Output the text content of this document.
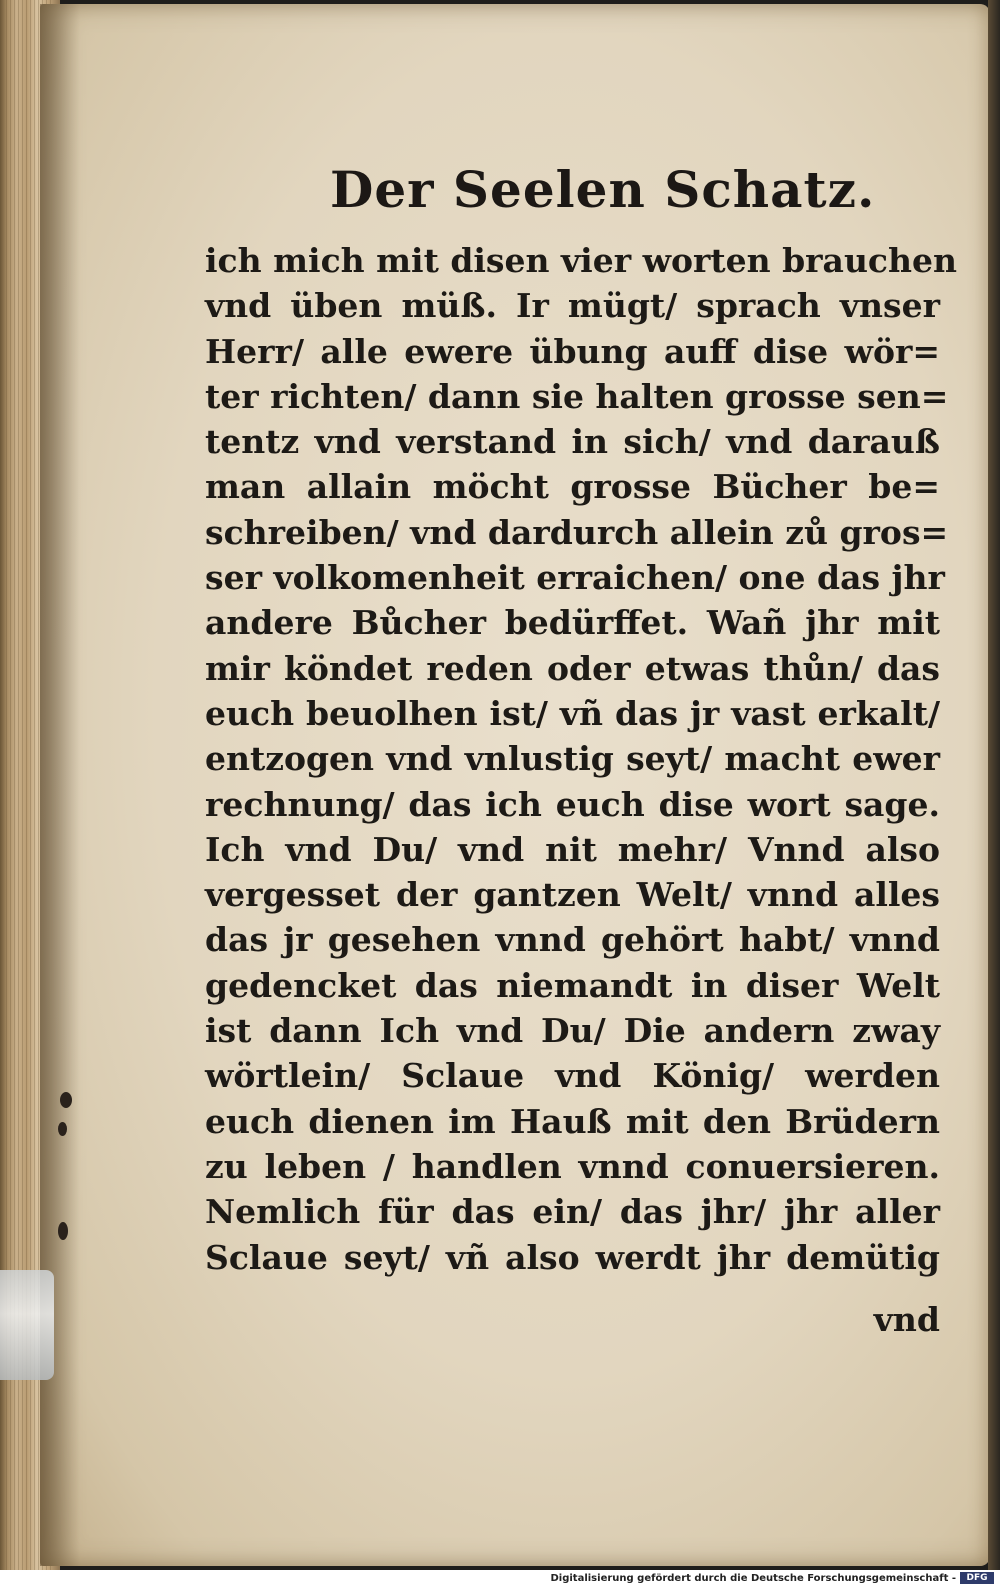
Der Seelen Schatz.
ich mich mit disen vier worten brauchen
vnd üben müß. Ir mügt/ sprach vnser
Herr/ alle ewere übung auff dise wör=
ter richten/ dann sie halten grosse sen=
tentz vnd verstand in sich/ vnd darauß
man allain möcht grosse Bücher be=
schreiben/ vnd dardurch allein zů gros=
ser volkomenheit erraichen/ one das jhr
andere Bůcher bedürffet. Wañ jhr mit
mir köndet reden oder etwas thůn/ das
euch beuolhen ist/ vñ das jr vast erkalt/
entzogen vnd vnlustig seyt/ macht ewer
rechnung/ das ich euch dise wort sage.
Ich vnd Du/ vnd nit mehr/ Vnnd also
vergesset der gantzen Welt/ vnnd alles
das jr gesehen vnnd gehört habt/ vnnd
gedencket das niemandt in diser Welt
ist dann Ich vnd Du/ Die andern zway
wörtlein/ Sclaue vnd König/ werden
euch dienen im Hauß mit den Brüdern
zu leben / handlen vnnd conuersieren.
Nemlich für das ein/ das jhr/ jhr aller
Sclaue seyt/ vñ also werdt jhr demütig
vnd
Digitalisierung gefördert durch die Deutsche Forschungsgemeinschaft -	DFG
